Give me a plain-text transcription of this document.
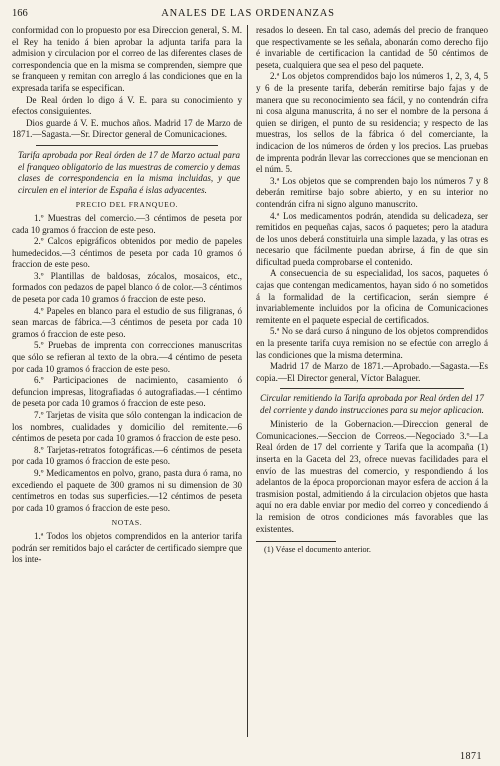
166	ANALES DE LAS ORDENANZAS

conformidad con lo propuesto por esa Direccion general, S. M. el Rey ha tenido á bien aprobar la adjunta tarifa para la admision y circulacion por el correo de las diferentes clases de correspondencia que en la misma se comprenden, siempre que se franqueen y remitan con arreglo á las condiciones que en la expresada tarifa se especifican.

De Real órden lo digo á V. E. para su conocimiento y efectos consiguientes.

Dios guarde á V. E. muchos años. Madrid 17 de Marzo de 1871.—Sagasta.—Sr. Director general de Comunicaciones.

Tarifa aprobada por Real órden de 17 de Marzo actual para el franqueo obligatorio de las muestras de comercio y demas clases de correspondencia en la misma incluidas, y que circulen en el interior de España é islas adyacentes.

PRECIO DEL FRANQUEO.

1.º Muestras del comercio.—3 céntimos de peseta por cada 10 gramos ó fraccion de este peso.

2.º Calcos epigráficos obtenidos por medio de papeles humedecidos.—3 céntimos de peseta por cada 10 gramos ó fraccion de este peso.

3.º Plantillas de baldosas, zócalos, mosaicos, etc., formados con pedazos de papel blanco ó de color.—3 céntimos de peseta por cada 10 gramos ó fraccion de este peso.

4.º Papeles en blanco para el estudio de sus filigranas, ó sean marcas de fábrica.—3 céntimos de peseta por cada 10 gramos ó fraccion de este peso.

5.º Pruebas de imprenta con correcciones manuscritas que sólo se refieran al texto de la obra.—4 céntimo de peseta por cada 10 gramos ó fraccion de este peso.

6.º Participaciones de nacimiento, casamiento ó defuncion impresas, litografiadas ó autografiadas.—1 céntimo de peseta por cada 10 gramos ó fraccion de este peso.

7.º Tarjetas de visita que sólo contengan la indicacion de los nombres, cualidades y domicilio del remitente.—6 céntimos de peseta por cada 10 gramos ó fraccion de este peso.

8.º Tarjetas-retratos fotográficas.—6 céntimos de peseta por cada 10 gramos ó fraccion de este peso.

9.º Medicamentos en polvo, grano, pasta dura ó rama, no excediendo el paquete de 300 gramos ni su dimension de 30 centímetros en todas sus superficies.—12 céntimos de peseta por cada 10 gramos ó fraccion de este peso.

NOTAS.

1.ª Todos los objetos comprendidos en la anterior tarifa podrán ser remitidos bajo el carácter de certificado siempre que los inte-

resados lo deseen. En tal caso, además del precio de franqueo que respectivamente se les señala, abonarán como derecho fijo é invariable de certificacion la cantidad de 50 céntimos de peseta, cualquiera que sea el peso del paquete.

2.ª Los objetos comprendidos bajo los números 1, 2, 3, 4, 5 y 6 de la presente tarifa, deberán remitirse bajo fajas y de manera que su reconocimiento sea fácil, y no contendrán cifra ni cosa alguna manuscrita, á no ser el nombre de la persona á quien se dirigen, el punto de su residencia; y respecto de las muestras, los sellos de la fábrica ó del comerciante, la indicacion de los números de órden y los precios. Las pruebas de imprenta podrán llevar las correcciones que se mencionan en el núm. 5.

3.ª Los objetos que se comprenden bajo los números 7 y 8 deberán remitirse bajo sobre abierto, y en su interior no contendrán cifra ni signo alguno manuscrito.

4.ª Los medicamentos podrán, atendida su delicadeza, ser remitidos en pequeñas cajas, sacos ó paquetes; pero la atadura de los unos deberá constituirla una simple lazada, y las otras es necesario que fácilmente puedan abrirse, á fin de que sin dificultad pueda comprobarse el contenido.

A consecuencia de su especialidad, los sacos, paquetes ó cajas que contengan medicamentos, hayan sido ó no sometidos á la formalidad de la certificacion, serán siempre é invariablemente incluidos por la oficina de Comunicaciones remitente en el paquete especial de certificados.

5.ª No se dará curso á ninguno de los objetos comprendidos en la presente tarifa cuya remision no se efectúe con arreglo á las condiciones que la misma determina.

Madrid 17 de Marzo de 1871.—Aprobado.—Sagasta.—Es copia.—El Director general, Víctor Balaguer.

Circular remitiendo la Tarifa aprobada por Real órden del 17 del corriente y dando instrucciones para su mejor aplicacion.

Ministerio de la Gobernacion.—Direccion general de Comunicaciones.—Seccion de Correos.—Negociado 3.º—La Real órden de 17 del corriente y Tarifa que la acompaña (1) inserta en la Gaceta del 23, ofrece nuevas facilidades para el envío de las muestras del comercio, y respondiendo á los adelantos de la época proporcionan mayor esfera de accion á la trasmision postal, admitiendo á la circulacion objetos que hasta aquí no era dable enviar por medio del correo y concediendo á la remision de otros condiciones más favorables que las existentes.

(1) Véase el documento anterior.

1871
